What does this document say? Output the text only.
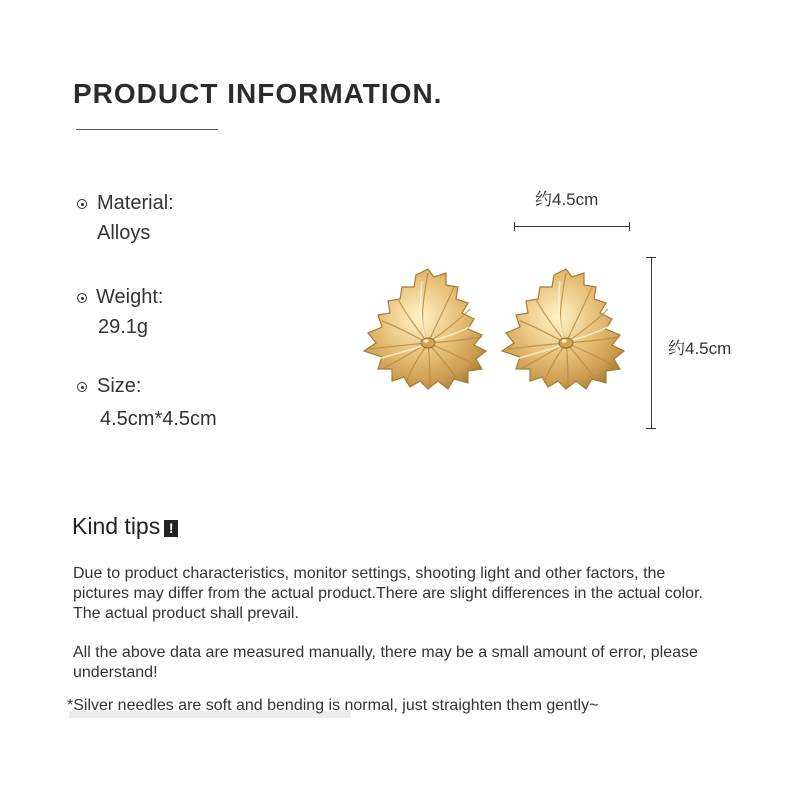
PRODUCT INFORMATION.
Material:
Alloys
Weight:
29.1g
Size:
4.5cm*4.5cm
约4.5cm
约4.5cm
Kind tips !
Due to product characteristics, monitor settings, shooting light and other factors, the pictures may differ from the actual product.There are slight differences in the actual color. The actual product shall prevail.
All the above data are measured manually, there may be a small amount of error, please understand!
*Silver needles are soft and bending is normal, just straighten them gently~
